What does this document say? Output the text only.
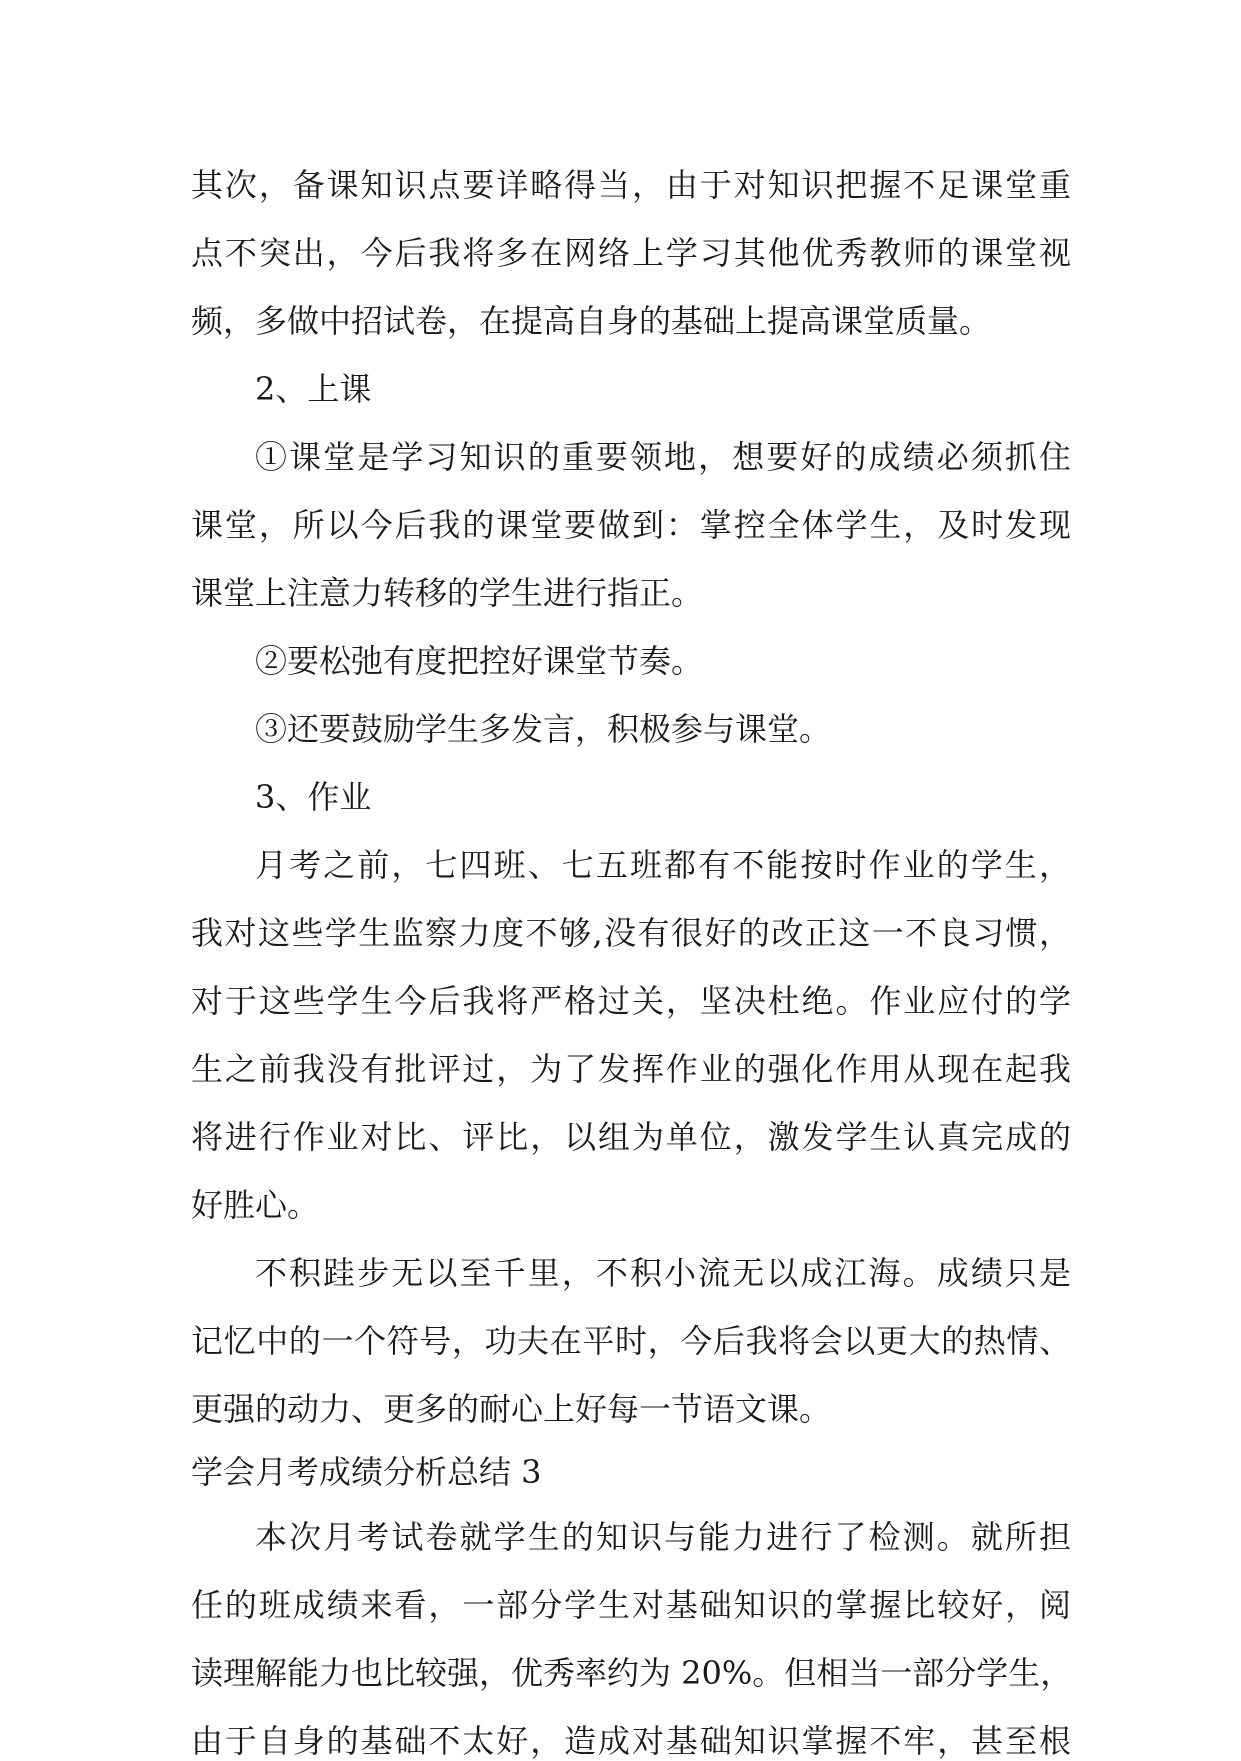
其次，备课知识点要详略得当，由于对知识把握不足课堂重
点不突出，今后我将多在网络上学习其他优秀教师的课堂视
频，多做中招试卷，在提高自身的基础上提高课堂质量。
2、上课
①课堂是学习知识的重要领地，想要好的成绩必须抓住
课堂，所以今后我的课堂要做到：掌控全体学生，及时发现
课堂上注意力转移的学生进行指正。
②要松弛有度把控好课堂节奏。
③还要鼓励学生多发言，积极参与课堂。
3、作业
月考之前，七四班、七五班都有不能按时作业的学生，
我对这些学生监察力度不够,没有很好的改正这一不良习惯，
对于这些学生今后我将严格过关，坚决杜绝。作业应付的学
生之前我没有批评过，为了发挥作业的强化作用从现在起我
将进行作业对比、评比，以组为单位，激发学生认真完成的
好胜心。
不积跬步无以至千里，不积小流无以成江海。成绩只是
记忆中的一个符号，功夫在平时，今后我将会以更大的热情、
更强的动力、更多的耐心上好每一节语文课。
学会月考成绩分析总结 3
本次月考试卷就学生的知识与能力进行了检测。就所担
任的班成绩来看，一部分学生对基础知识的掌握比较好，阅
读理解能力也比较强，优秀率约为 20%。但相当一部分学生，
由于自身的基础不太好，造成对基础知识掌握不牢，甚至根
